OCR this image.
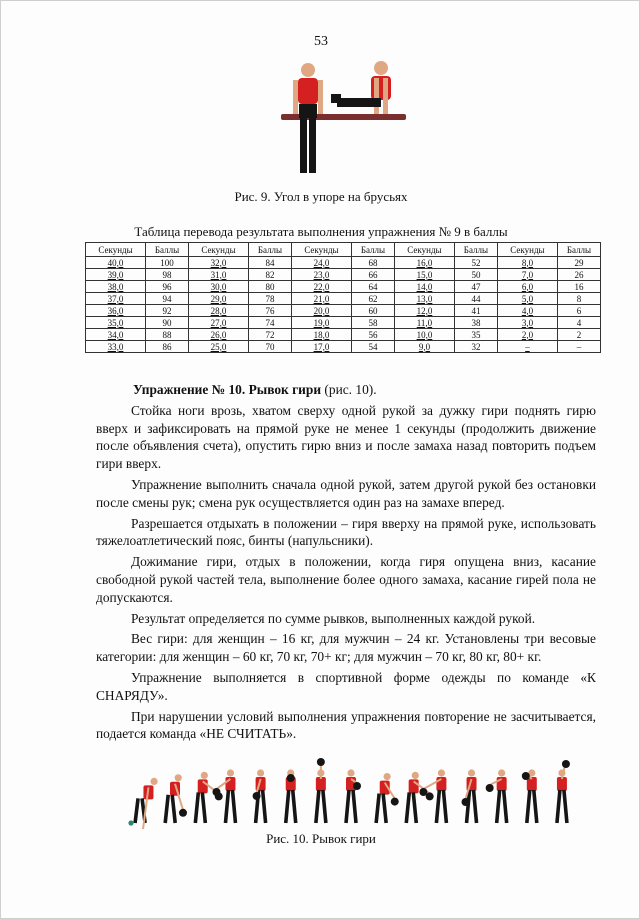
53
Рис. 9. Угол в упоре на брусьях
Таблица перевода результата выполнения упражнения № 9 в баллы
Секунды	Баллы	Секунды	Баллы	Секунды	Баллы	Секунды	Баллы	Секунды	Баллы
40,0	100	32,0	84	24,0	68	16,0	52	8,0	29
39,0	98	31,0	82	23,0	66	15,0	50	7,0	26
38,0	96	30,0	80	22,0	64	14,0	47	6,0	16
37,0	94	29,0	78	21,0	62	13,0	44	5,0	8
36,0	92	28,0	76	20,0	60	12,0	41	4,0	6
35,0	90	27,0	74	19,0	58	11,0	38	3,0	4
34,0	88	26,0	72	18,0	56	10,0	35	2,0	2
33,0	86	25,0	70	17,0	54	9,0	32	–	–

Упражнение № 10. Рывок гири (рис. 10).

Стойка ноги врозь, хватом сверху одной рукой за дужку гири поднять гирю вверх и зафиксировать на прямой руке не менее 1 секунды (продолжить движение после объявления счета), опустить гирю вниз и после замаха назад повторить подъем гири вверх.

Упражнение выполнить сначала одной рукой, затем другой рукой без остановки после смены рук; смена рук осуществляется один раз на замахе вперед.

Разрешается отдыхать в положении – гиря вверху на прямой руке, использовать тяжелоатлетический пояс, бинты (напульсники).

Дожимание гири, отдых в положении, когда гиря опущена вниз, касание свободной рукой частей тела, выполнение более одного замаха, касание гирей пола не допускаются.

Результат определяется по сумме рывков, выполненных каждой рукой.

Вес гири: для женщин – 16 кг, для мужчин – 24 кг. Установлены три весовые категории: для женщин – 60 кг, 70 кг, 70+ кг; для мужчин – 70 кг, 80 кг, 80+ кг.

Упражнение выполняется в спортивной форме одежды по команде «К СНАРЯДУ».

При нарушении условий выполнения упражнения повторение не засчитывается, подается команда «НЕ СЧИТАТЬ».

Рис. 10. Рывок гири
